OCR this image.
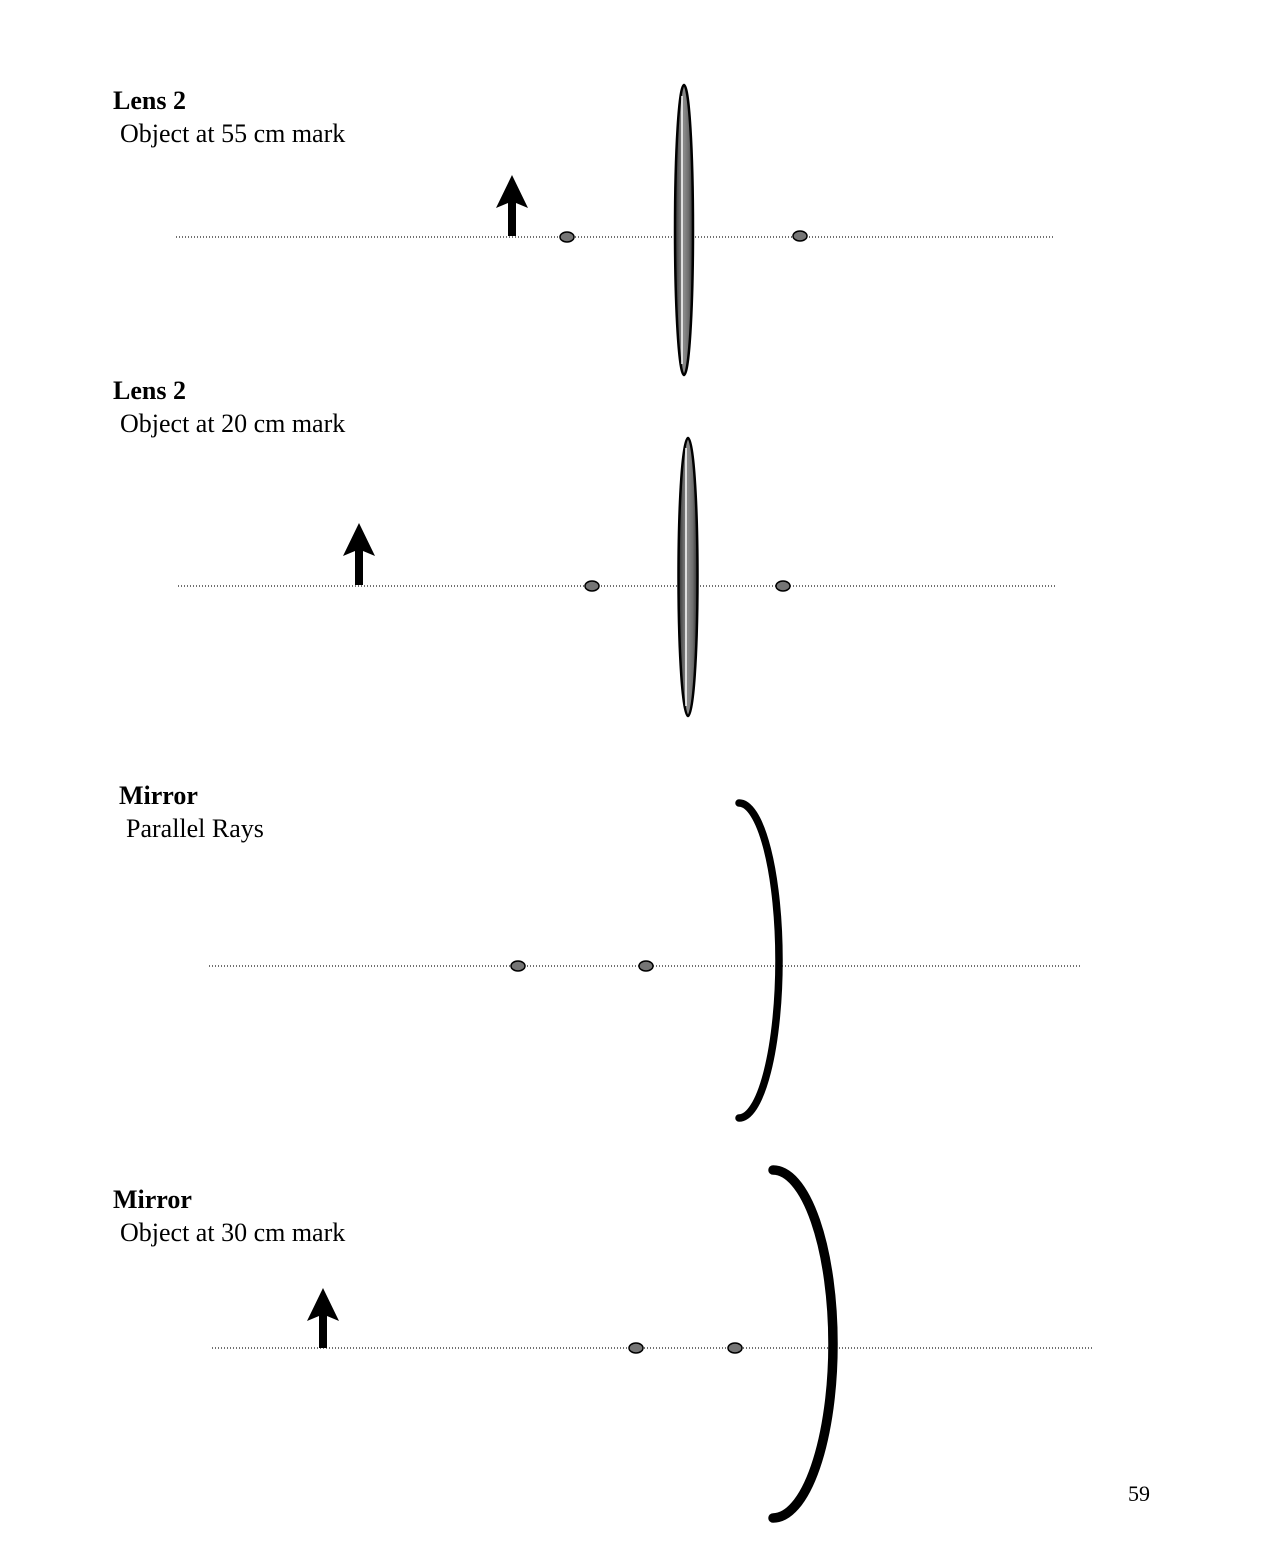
Lens 2
Object at 55 cm mark
Lens 2
Object at 20 cm mark
Mirror
Parallel Rays
Mirror
Object at 30 cm mark
59
